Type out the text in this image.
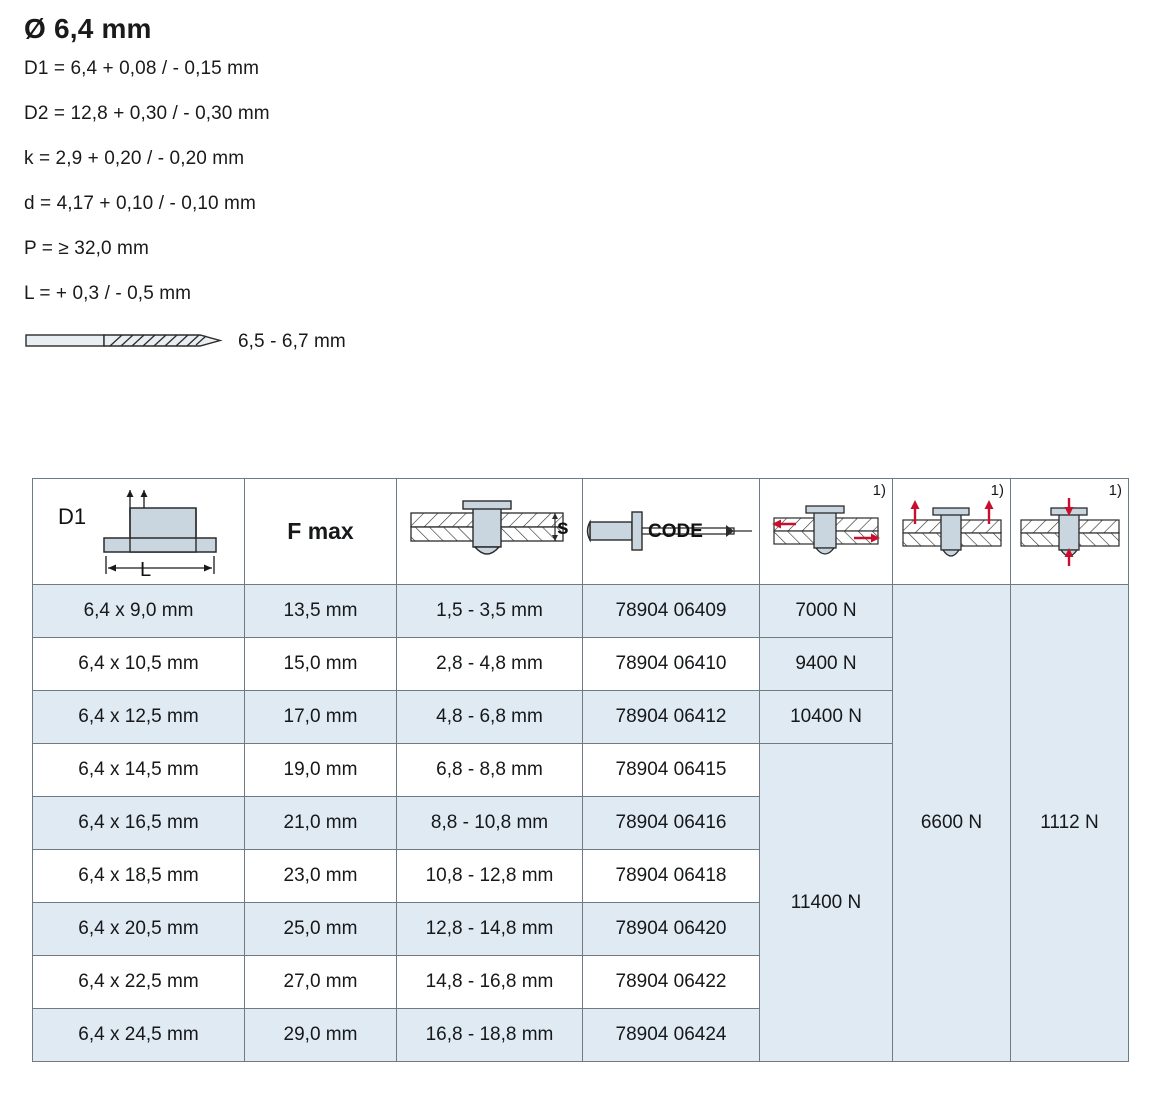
Ø 6,4 mm
D1 = 6,4 + 0,08 / - 0,15 mm
D2 = 12,8 + 0,30 / - 0,30 mm
k = 2,9 + 0,20 / - 0,20 mm
d = 4,17 + 0,10 / - 0,10 mm
P = ≥ 32,0 mm
L = + 0,3 / - 0,5 mm
6,5 - 6,7 mm
D1
L	F max	s	CODE	1)	1)	1)

6,4 x 9,0 mm	13,5 mm	1,5 - 3,5 mm	78904 06409	7000 N	6600 N	1112 N
6,4 x 10,5 mm	15,0 mm	2,8 - 4,8 mm	78904 06410	9400 N		
6,4 x 12,5 mm	17,0 mm	4,8 - 6,8 mm	78904 06412	10400 N		
6,4 x 14,5 mm	19,0 mm	6,8 - 8,8 mm	78904 06415	11400 N		
6,4 x 16,5 mm	21,0 mm	8,8 - 10,8 mm	78904 06416			
6,4 x 18,5 mm	23,0 mm	10,8 - 12,8 mm	78904 06418			
6,4 x 20,5 mm	25,0 mm	12,8 - 14,8 mm	78904 06420			
6,4 x 22,5 mm	27,0 mm	14,8 - 16,8 mm	78904 06422			
6,4 x 24,5 mm	29,0 mm	16,8 - 18,8 mm	78904 06424			
